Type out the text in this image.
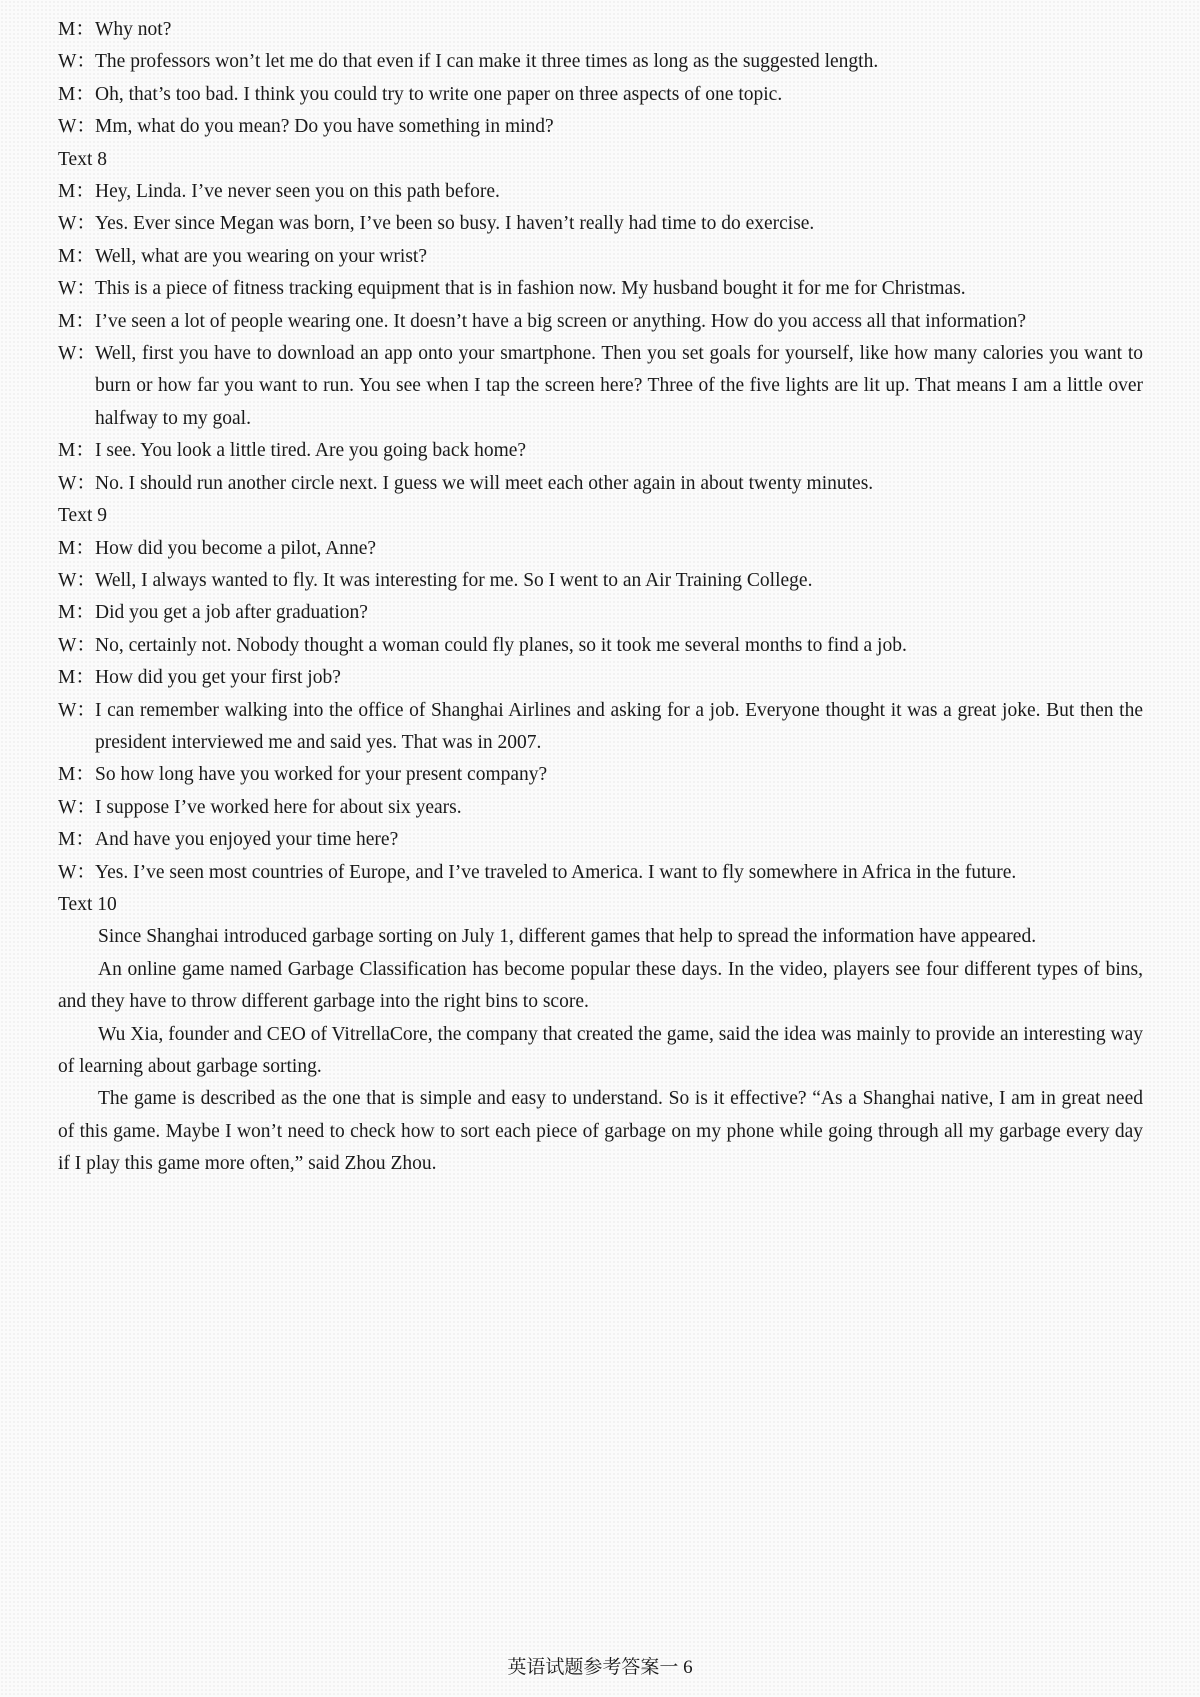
M：Why not?

W：The professors won’t let me do that even if I can make it three times as long as the suggested length.

M：Oh, that’s too bad. I think you could try to write one paper on three aspects of one topic.

W：Mm, what do you mean? Do you have something in mind?

Text 8

M：Hey, Linda. I’ve never seen you on this path before.

W：Yes. Ever since Megan was born, I’ve been so busy. I haven’t really had time to do exercise.

M：Well, what are you wearing on your wrist?

W：This is a piece of fitness tracking equipment that is in fashion now. My husband bought it for me for Christmas.

M：I’ve seen a lot of people wearing one. It doesn’t have a big screen or anything. How do you access all that information?

W：Well, first you have to download an app onto your smartphone. Then you set goals for yourself, like how many calories you want to burn or how far you want to run. You see when I tap the screen here? Three of the five lights are lit up. That means I am a little over halfway to my goal.

M：I see. You look a little tired. Are you going back home?

W：No. I should run another circle next. I guess we will meet each other again in about twenty minutes.

Text 9

M：How did you become a pilot, Anne?

W：Well, I always wanted to fly. It was interesting for me. So I went to an Air Training College.

M：Did you get a job after graduation?

W：No, certainly not. Nobody thought a woman could fly planes, so it took me several months to find a job.

M：How did you get your first job?

W：I can remember walking into the office of Shanghai Airlines and asking for a job. Everyone thought it was a great joke. But then the president interviewed me and said yes. That was in 2007.

M：So how long have you worked for your present company?

W：I suppose I’ve worked here for about six years.

M：And have you enjoyed your time here?

W：Yes. I’ve seen most countries of Europe, and I’ve traveled to America. I want to fly somewhere in Africa in the future.

Text 10

Since Shanghai introduced garbage sorting on July 1, different games that help to spread the information have appeared.

An online game named Garbage Classification has become popular these days. In the video, players see four different types of bins, and they have to throw different garbage into the right bins to score.

Wu Xia, founder and CEO of VitrellaCore, the company that created the game, said the idea was mainly to provide an interesting way of learning about garbage sorting.

The game is described as the one that is simple and easy to understand. So is it effective? “As a Shanghai native, I am in great need of this game. Maybe I won’t need to check how to sort each piece of garbage on my phone while going through all my garbage every day if I play this game more often,” said Zhou Zhou.

英语试题参考答案一 6
